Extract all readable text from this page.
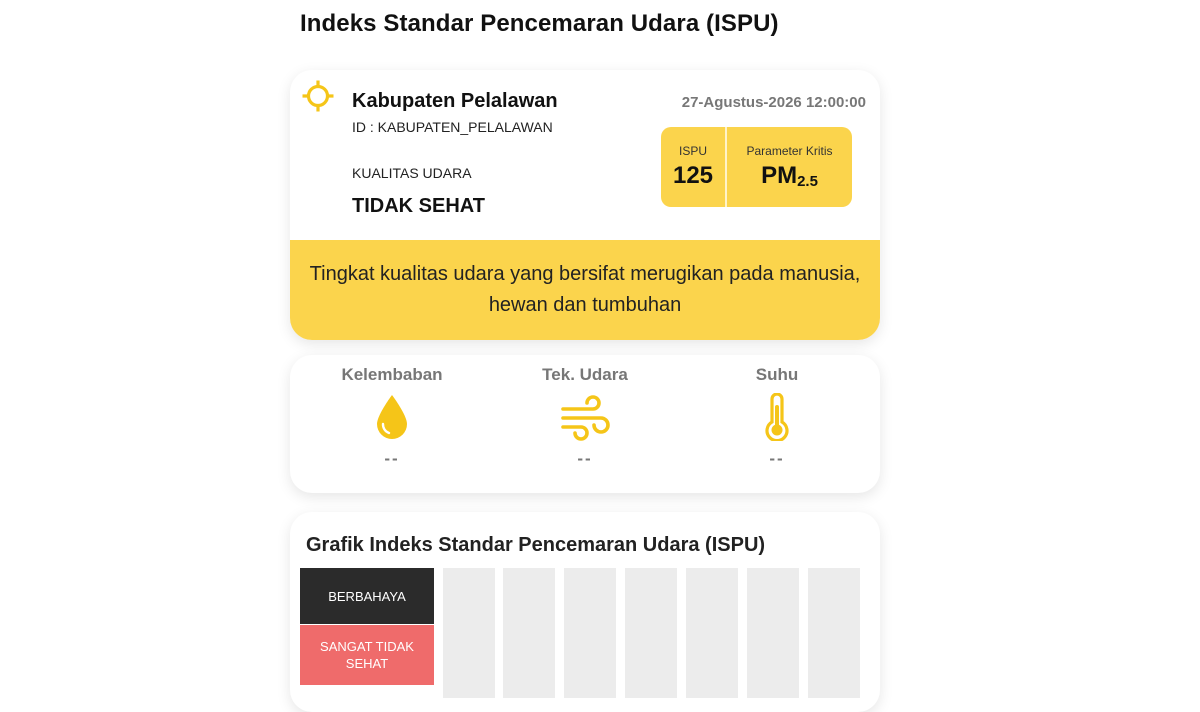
Indeks Standar Pencemaran Udara (ISPU)
Kabupaten Pelalawan
ID : KABUPATEN_PELALAWAN
KUALITAS UDARA
TIDAK SEHAT
27-Agustus-2026 12:00:00
ISPU
125
Parameter Kritis
$PM_{2.5}$
Tingkat kualitas udara yang bersifat merugikan pada manusia, hewan dan tumbuhan
Kelembaban
--
Tek. Udara
--
Suhu
--
Grafik Indeks Standar Pencemaran Udara (ISPU)
BERBAHAYA
SANGAT TIDAK SEHAT
